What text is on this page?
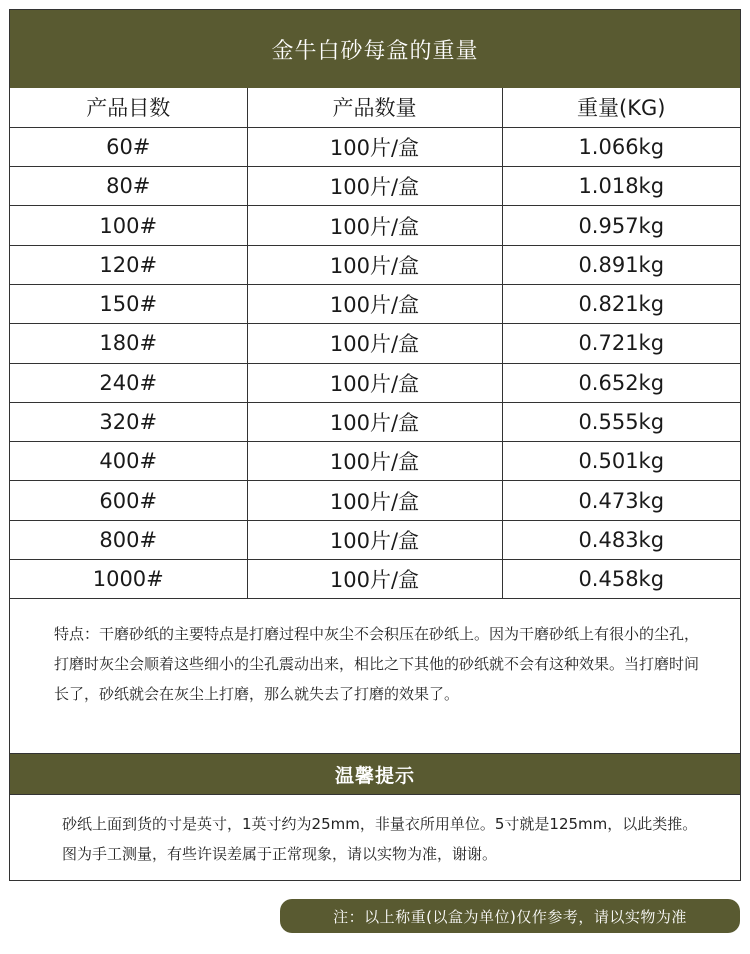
金牛白砂每盒的重量
产品目数	产品数量	重量(KG)
60#	100片/盒	1.066kg
80#	100片/盒	1.018kg
100#	100片/盒	0.957kg
120#	100片/盒	0.891kg
150#	100片/盒	0.821kg
180#	100片/盒	0.721kg
240#	100片/盒	0.652kg
320#	100片/盒	0.555kg
400#	100片/盒	0.501kg
600#	100片/盒	0.473kg
800#	100片/盒	0.483kg
1000#	100片/盒	0.458kg
特点：干磨砂纸的主要特点是打磨过程中灰尘不会积压在砂纸上。因为干磨砂纸上有很小的尘孔，打磨时灰尘会顺着这些细小的尘孔震动出来，相比之下其他的砂纸就不会有这种效果。当打磨时间长了，砂纸就会在灰尘上打磨，那么就失去了打磨的效果了。
温馨提示
砂纸上面到货的寸是英寸，1英寸约为25mm，非量衣所用单位。5寸就是125mm，以此类推。图为手工测量，有些许误差属于正常现象，请以实物为准，谢谢。
注：以上称重(以盒为单位)仅作参考，请以实物为准
